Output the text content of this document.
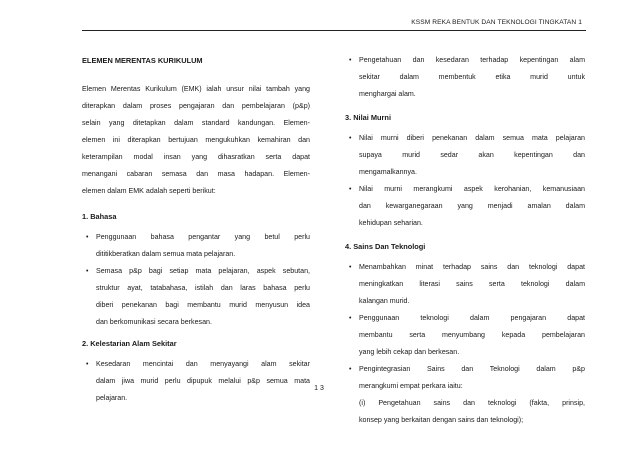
KSSM REKA BENTUK DAN TEKNOLOGI TINGKATAN 1

ELEMEN MERENTAS KURIKULUM

Elemen Merentas Kurikulum (EMK) ialah unsur nilai tambah yang
diterapkan dalam proses pengajaran dan pembelajaran (p&p)
selain yang ditetapkan dalam standard kandungan. Elemen-
elemen ini diterapkan bertujuan mengukuhkan kemahiran dan
keterampilan modal insan yang dihasratkan serta dapat
menangani cabaran semasa dan masa hadapan. Elemen-
elemen dalam EMK adalah seperti berikut:

1. Bahasa

• Penggunaan bahasa pengantar yang betul perlu
dititikberatkan dalam semua mata pelajaran.
• Semasa p&p bagi setiap mata pelajaran, aspek sebutan,
struktur ayat, tatabahasa, istilah dan laras bahasa perlu
diberi penekanan bagi membantu murid menyusun idea
dan berkomunikasi secara berkesan.

2. Kelestarian Alam Sekitar

• Kesedaran mencintai dan menyayangi alam sekitar
dalam jiwa murid perlu dipupuk melalui p&p semua mata
pelajaran.
• Pengetahuan dan kesedaran terhadap kepentingan alam
sekitar dalam membentuk etika murid untuk
menghargai alam.

3. Nilai Murni

• Nilai murni diberi penekanan dalam semua mata pelajaran
supaya murid sedar akan kepentingan dan
mengamalkannya.
• Nilai murni merangkumi aspek kerohanian, kemanusiaan
dan kewarganegaraan yang menjadi amalan dalam
kehidupan seharian.

4. Sains Dan Teknologi

• Menambahkan minat terhadap sains dan teknologi dapat
meningkatkan literasi sains serta teknologi dalam
kalangan murid.
• Penggunaan teknologi dalam pengajaran dapat
membantu serta menyumbang kepada pembelajaran
yang lebih cekap dan berkesan.
• Pengintegrasian Sains dan Teknologi dalam p&p
merangkumi empat perkara iaitu:
(i) Pengetahuan sains dan teknologi (fakta, prinsip,
konsep yang berkaitan dengan sains dan teknologi);
1 3
